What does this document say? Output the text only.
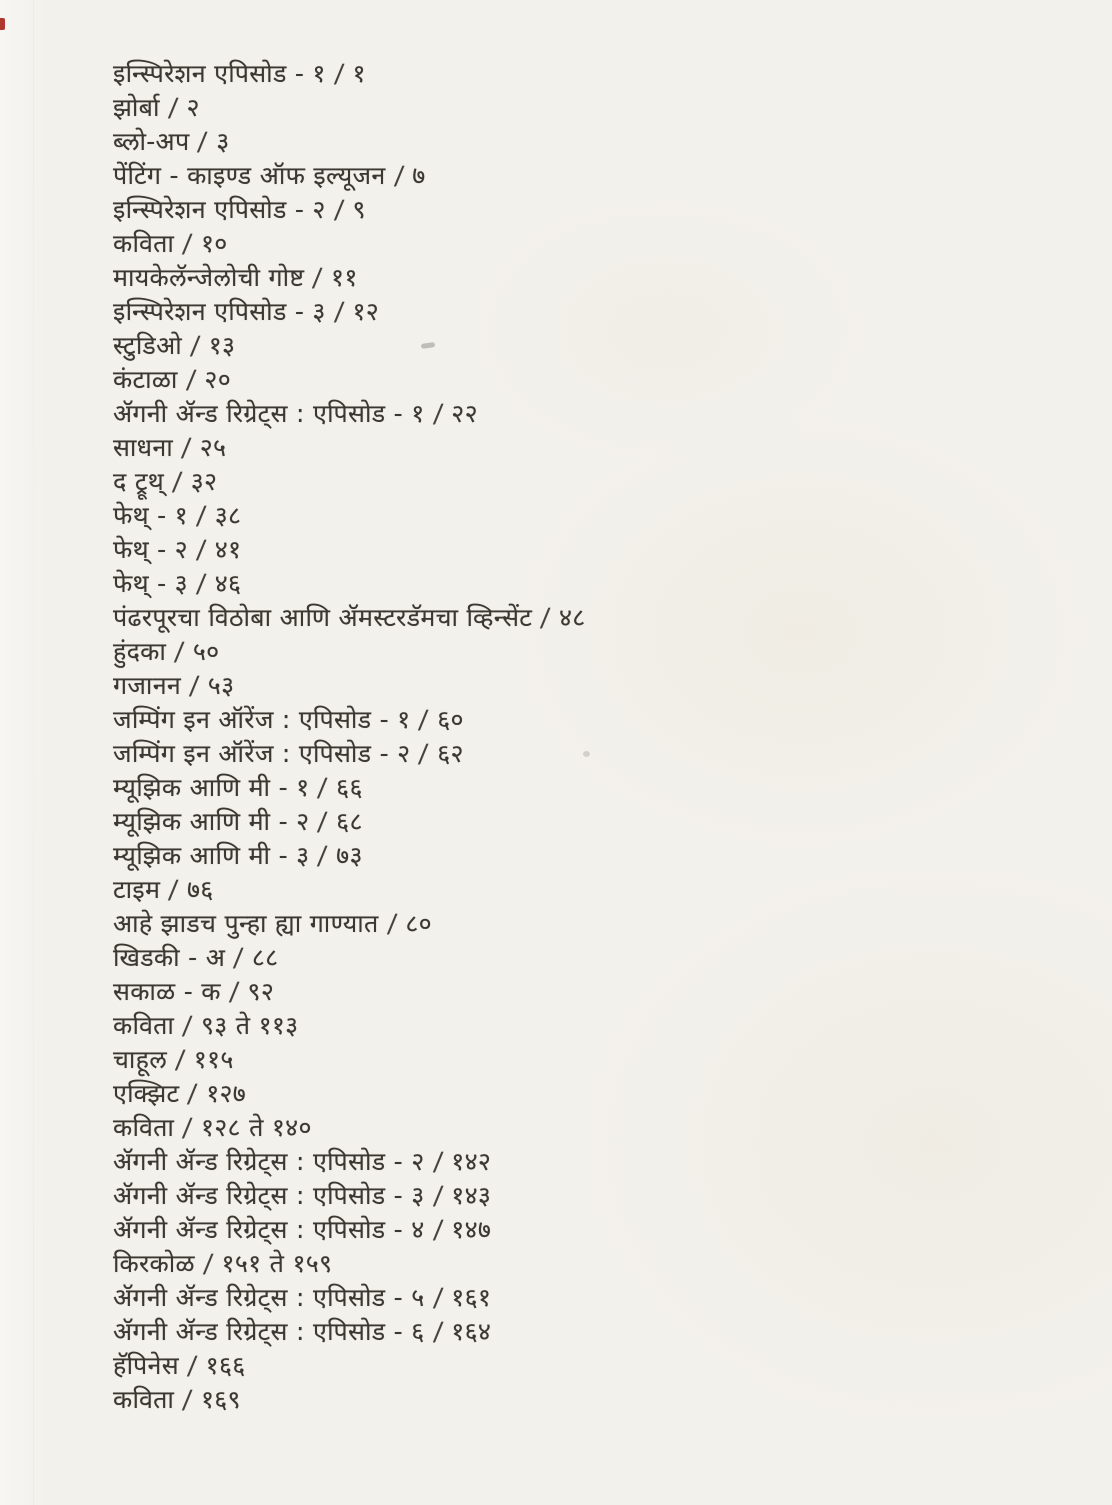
इन्स्पिरेशन एपिसोड - १ / १
झोर्बा / २
ब्लो-अप / ३
पेंटिंग - काइण्ड ऑफ इल्यूजन / ७
इन्स्पिरेशन एपिसोड - २ / ९
कविता / १०
मायकेलॅन्जेलोची गोष्ट / ११
इन्स्पिरेशन एपिसोड - ३ / १२
स्टुडिओ / १३
कंटाळा / २०
ॲगनी ॲन्ड रिग्रेट्स : एपिसोड - १ / २२
साधना / २५
द ट्रूथ् / ३२
फेथ् - १ / ३८
फेथ् - २ / ४१
फेथ् - ३ / ४६
पंढरपूरचा विठोबा आणि ॲमस्टरडॅमचा व्हिन्सेंट / ४८
हुंदका / ५०
गजानन / ५३
जम्पिंग इन ऑरेंज : एपिसोड - १ / ६०
जम्पिंग इन ऑरेंज : एपिसोड - २ / ६२
म्यूझिक आणि मी - १ / ६६
म्यूझिक आणि मी - २ / ६८
म्यूझिक आणि मी - ३ / ७३
टाइम / ७६
आहे झाडच पुन्हा ह्या गाण्यात / ८०
खिडकी - अ / ८८
सकाळ - क / ९२
कविता / ९३ ते ११३
चाहूल / ११५
एक्झिट / १२७
कविता / १२८ ते १४०
ॲगनी ॲन्ड रिग्रेट्स : एपिसोड - २ / १४२
ॲगनी ॲन्ड रिग्रेट्स : एपिसोड - ३ / १४३
ॲगनी ॲन्ड रिग्रेट्स : एपिसोड - ४ / १४७
किरकोळ / १५१ ते १५९
ॲगनी ॲन्ड रिग्रेट्स : एपिसोड - ५ / १६१
ॲगनी ॲन्ड रिग्रेट्स : एपिसोड - ६ / १६४
हॅपिनेस / १६६
कविता / १६९
